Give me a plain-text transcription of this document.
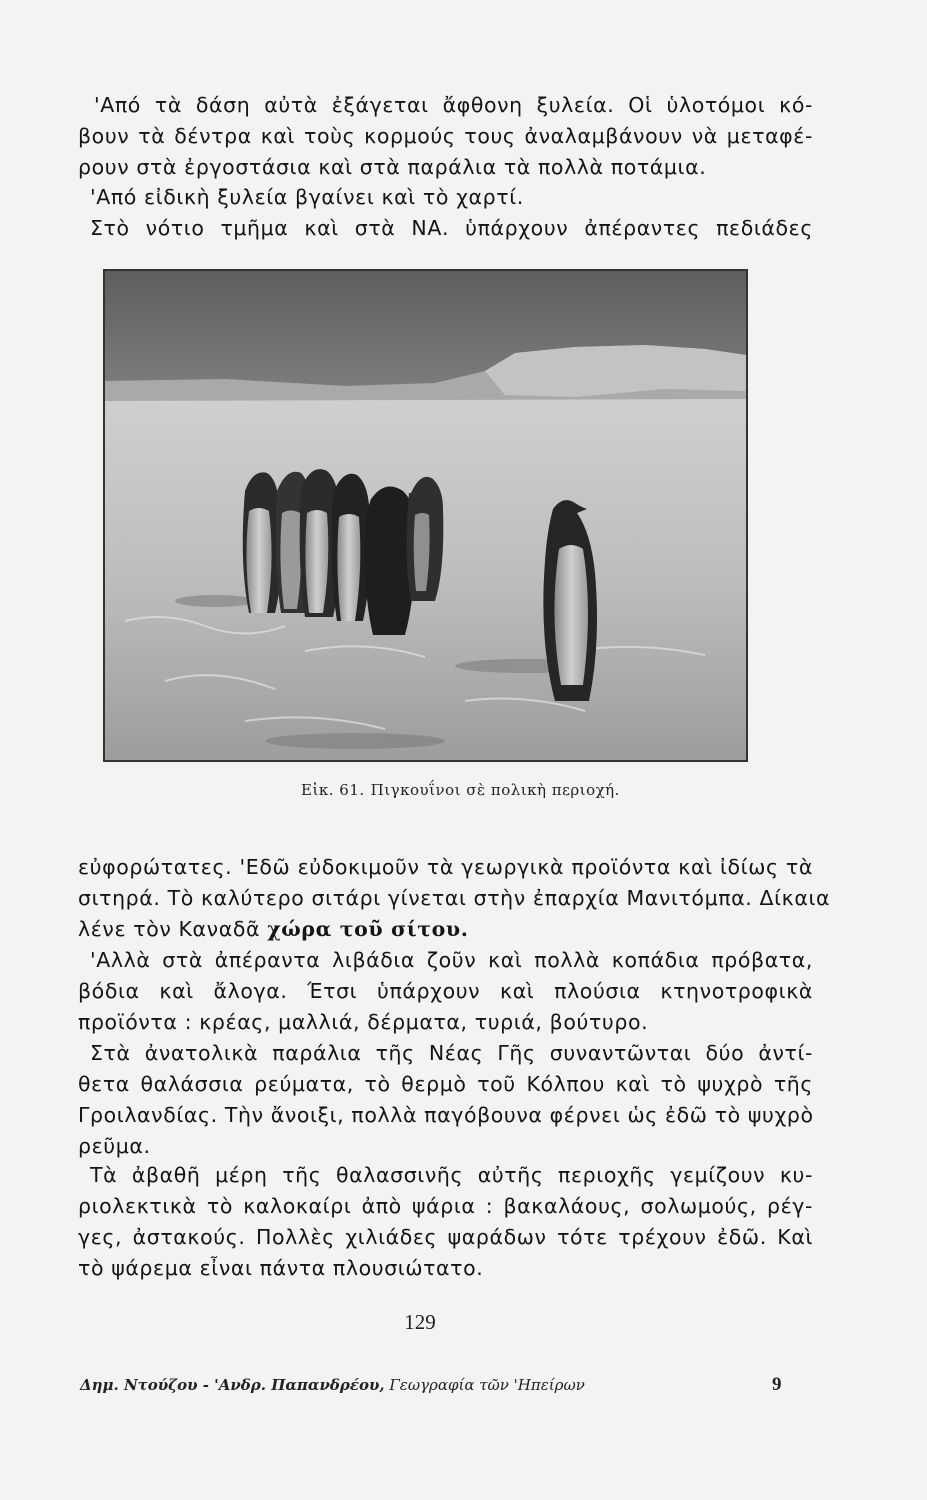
'Από τὰ δάση αὐτὰ ἐξάγεται ἄφθονη ξυλεία. Οἱ ὑλοτόμοι κό-
βουν τὰ δέντρα καὶ τοὺς κορμούς τους ἀναλαμβάνουν νὰ μεταφέ-
ρουν στὰ ἐργοστάσια καὶ στὰ παράλια τὰ πολλὰ ποτάμια.
'Από εἰδικὴ ξυλεία βγαίνει καὶ τὸ χαρτί.
Στὸ νότιο τμῆμα καὶ στὰ ΝΑ. ὑπάρχουν ἀπέραντες πεδιάδες
Εἰκ. 61. Πιγκουΐνοι σὲ πολικὴ περιοχή.
εὐφορώτατες. 'Εδῶ εὐδοκιμοῦν τὰ γεωργικὰ προϊόντα καὶ ἰδίως τὰ
σιτηρά. Τὸ καλύτερο σιτάρι γίνεται στὴν ἐπαρχία Μανιτόμπα. Δίκαια
λένε τὸν Καναδᾶ χώρα τοῦ σίτου.
'Αλλὰ στὰ ἀπέραντα λιβάδια ζοῦν καὶ πολλὰ κοπάδια πρόβατα,
βόδια καὶ ἄλογα. Έτσι ὑπάρχουν καὶ πλούσια κτηνοτροφικὰ
προϊόντα : κρέας, μαλλιά, δέρματα, τυριά, βούτυρο.
Στὰ ἀνατολικὰ παράλια τῆς Νέας Γῆς συναντῶνται δύο ἀντί-
θετα θαλάσσια ρεύματα, τὸ θερμὸ τοῦ Κόλπου καὶ τὸ ψυχρὸ τῆς
Γροιλανδίας. Τὴν ἄνοιξι, πολλὰ παγόβουνα φέρνει ὡς ἐδῶ τὸ ψυχρὸ
ρεῦμα.
Τὰ ἀβαθῆ μέρη τῆς θαλασσινῆς αὐτῆς περιοχῆς γεμίζουν κυ-
ριολεκτικὰ τὸ καλοκαίρι ἀπὸ ψάρια : βακαλάους, σολωμούς, ρέγ-
γες, ἀστακούς. Πολλὲς χιλιάδες ψαράδων τότε τρέχουν ἐδῶ. Καὶ
τὸ ψάρεμα εἶναι πάντα πλουσιώτατο.
129
Δημ. Ντούζου - 'Ανδρ. Παπανδρέου, Γεωγραφία τῶν 'Ηπείρων	9
